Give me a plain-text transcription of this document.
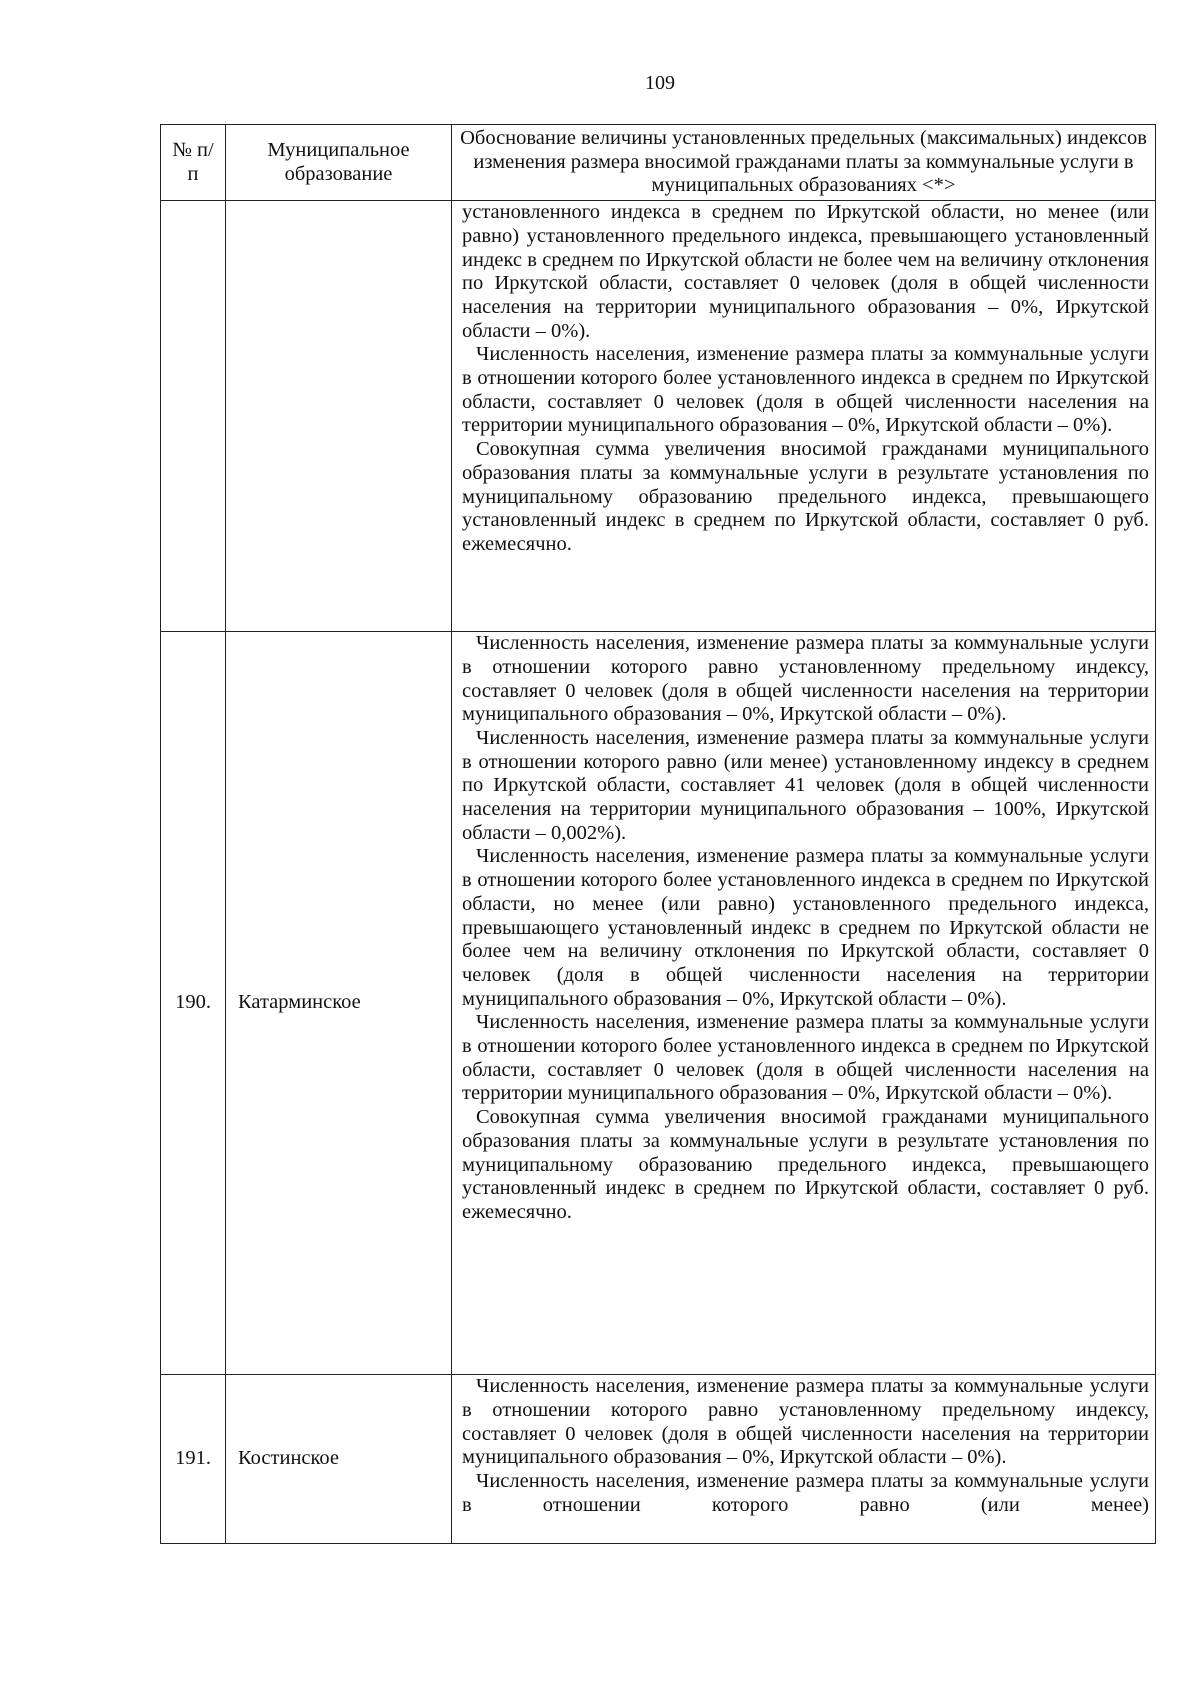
109
№ п/п	Муниципальное образование	Обоснование величины установленных предельных (максимальных) индексов изменения размера вносимой гражданами платы за коммунальные услуги в муниципальных образованиях <*>

		установленного индекса в среднем по Иркутской области, но менее (или равно) установленного предельного индекса, превышающего установленный индекс в среднем по Иркутской области не более чем на величину отклонения по Иркутской области, составляет 0 человек (доля в общей численности населения на территории муниципального образования – 0%, Иркутской области – 0%).

Численность населения, изменение размера платы за коммунальные услуги в отношении которого более установленного индекса в среднем по Иркутской области, составляет 0 человек (доля в общей численности населения на территории муниципального образования – 0%, Иркутской области – 0%).

Совокупная сумма увеличения вносимой гражданами муниципального образования платы за коммунальные услуги в результате установления по муниципальному образованию предельного индекса, превышающего установленный индекс в среднем по Иркутской области, составляет 0 руб. ежемесячно.

190.	Катарминское	Численность населения, изменение размера платы за коммунальные услуги в отношении которого равно установленному предельному индексу, составляет 0 человек (доля в общей численности населения на территории муниципального образования – 0%, Иркутской области – 0%).

Численность населения, изменение размера платы за коммунальные услуги в отношении которого равно (или менее) установленному индексу в среднем по Иркутской области, составляет 41 человек (доля в общей численности населения на территории муниципального образования – 100%, Иркутской области – 0,002%).

Численность населения, изменение размера платы за коммунальные услуги в отношении которого более установленного индекса в среднем по Иркутской области, но менее (или равно) установленного предельного индекса, превышающего установленный индекс в среднем по Иркутской области не более чем на величину отклонения по Иркутской области, составляет 0 человек (доля в общей численности населения на территории муниципального образования – 0%, Иркутской области – 0%).

Численность населения, изменение размера платы за коммунальные услуги в отношении которого более установленного индекса в среднем по Иркутской области, составляет 0 человек (доля в общей численности населения на территории муниципального образования – 0%, Иркутской области – 0%).

Совокупная сумма увеличения вносимой гражданами муниципального образования платы за коммунальные услуги в результате установления по муниципальному образованию предельного индекса, превышающего установленный индекс в среднем по Иркутской области, составляет 0 руб. ежемесячно.

191.	Костинское	Численность населения, изменение размера платы за коммунальные услуги в отношении которого равно установленному предельному индексу, составляет 0 человек (доля в общей численности населения на территории муниципального образования – 0%, Иркутской области – 0%).

Численность населения, изменение размера платы за коммунальные услуги в отношении которого равно (или менее)
